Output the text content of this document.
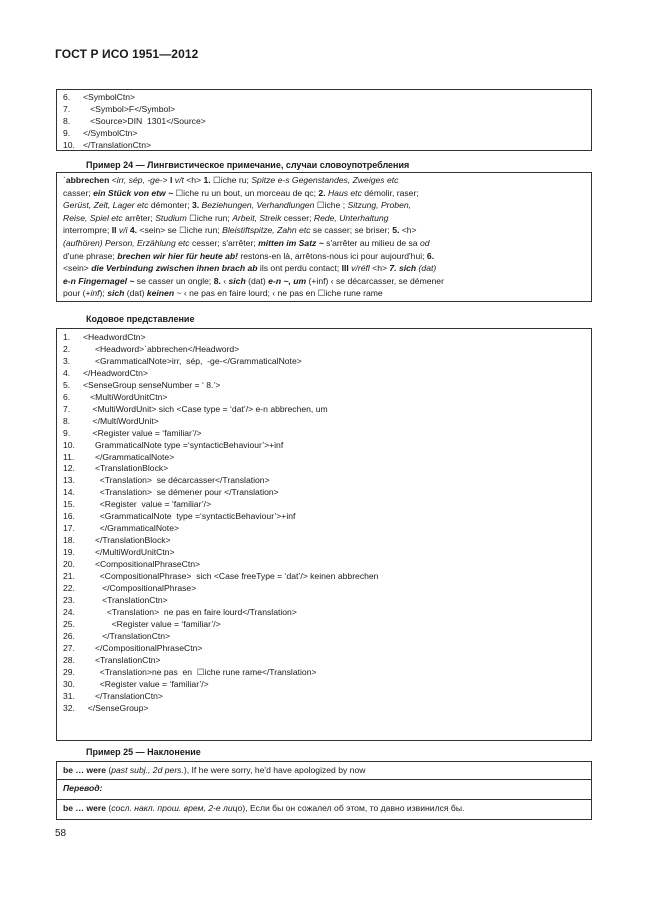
ГОСТ Р ИСО 1951—2012
6.	<SymbolCtn>
7.	<Symbol>F</Symbol>
8.	<Source>DIN  1301</Source>
9.	</SymbolCtn>
10. </TranslationCtn>
Пример 24 — Лингвистическое примечание, случаи словоупотребления
ˋabbrechen <irr, sép, -ge-> I v/t <h> 1. ☐iche ru; Spitze e-s Gegenstandes, Zweiges etc
casser; ein Stück von etw ~ ☐iche ru un bout, un morceau de qc; 2. Haus etc démolir, raser;
Gerüst, Zelt, Lager etc démonter; 3. Beziehungen, Verhandlungen ☐iche ; Sitzung, Proben,
Reise, Spiel etc arrêter; Studium ☐iche run; Arbeit, Streik cesser; Rede, Unterhaltung
interrompre; II v/i 4. <sein> se ☐iche run; Bleistiftspitze, Zahn etc se casser; se briser; 5. <h>
(aufhören) Person, Erzählung etc cesser; s'arrêter; mitten im Satz ~ s'arrêter au milieu de sa od
d'une phrase; brechen wir hier für heute ab! restons-en là, arrêtons-nous ici pour aujourd'hui; 6.
<sein> die Verbindung zwischen ihnen brach ab ils ont perdu contact; III v/réfl <h> 7. sich (dat)
e-n Fingernagel ~ se casser un ongle; 8. ‹ sich (dat) e-n ~, um (+inf) ‹ se décarcasser, se démener
pour (+inf); sich (dat) keinen ~ ‹ ne pas en faire lourd; ‹ ne pas en ☐iche rune rame
Кодовое представление
1.	<HeadwordCtn>
2.	<Headword>ˋabbrechen</Headword>
3.	<GrammaticalNote>irr,  sép,  -ge-</GrammaticalNote>
4.	</HeadwordCtn>
5.	<SenseGroup senseNumber = ‘ 8.’>
6.	<MultiWordUnitCtn>
7.	<MultiWordUnit> sich <Case type = ‘dat’/> e-n abbrechen, um
8.	</MultiWordUnit>
9.	<Register value = ‘familiar’/>
10. GrammaticalNote type =‘syntacticBehaviour’>+inf
11.	</GrammaticalNote>
12. <TranslationBlock>
13. <Translation>  se décarcasser</Translation>
14. <Translation>  se démener pour </Translation>
15. <Register  value = ‘familiar’/>
16. <GrammaticalNote  type =‘syntacticBehaviour’>+inf
17. </GrammaticalNote>
18. </TranslationBlock>
19. </MultiWordUnitCtn>
20. <CompositionalPhraseCtn>
21. <CompositionalPhrase>  sich <Case freeType = ‘dat’/> keinen abbrechen
22. </CompositionalPhrase>
23. <TranslationCtn>
24. <Translation>  ne pas en faire lourd</Translation>
25. <Register value = ‘familiar’/>
26. </TranslationCtn>
27. </CompositionalPhraseCtn>
28. <TranslationCtn>
29. <Translation>ne pas  en  ☐iche rune rame</Translation>
30. <Register value = ‘familiar’/>
31. </TranslationCtn>
32. </SenseGroup>
Пример 25 — Наклонение
be … were (past subj., 2d pers.), If he were sorry, he'd have apologized by now
Перевод:
be … were (сосл. накл. прош. врем, 2-е лицо), Если бы он сожалел об этом, то давно извинился бы.
58
